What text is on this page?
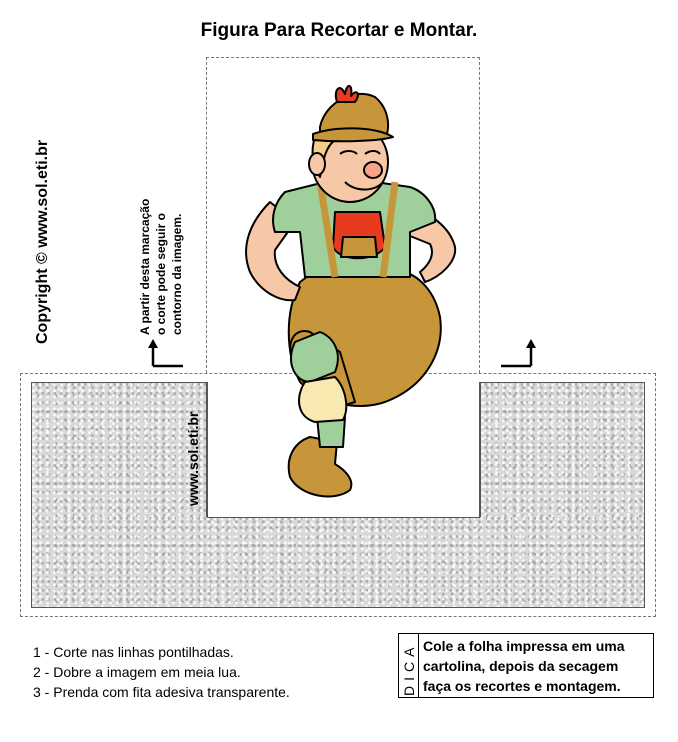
Figura Para Recortar e Montar.
Copyright © www.sol.eti.br	A partir desta marcação o corte pode seguir o contorno da imagem.
www.sol.eti.br
1 - Corte nas linhas pontilhadas.
2 - Dobre a imagem em meia lua.
3 - Prenda com fita adesiva transparente.	DICA Cole a folha impressa em uma
cartolina, depois da secagem
faça os recortes e montagem.
